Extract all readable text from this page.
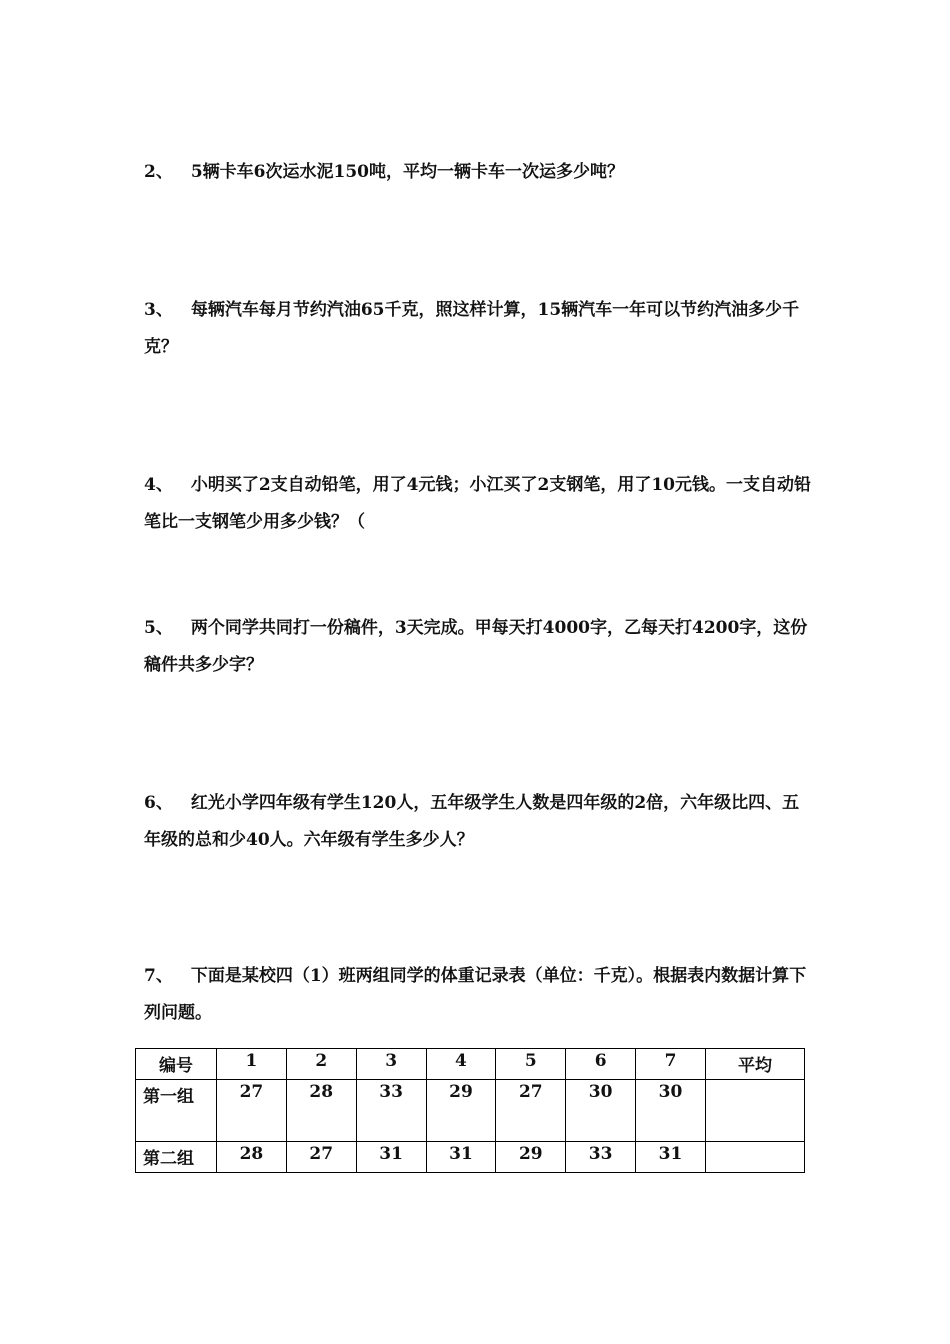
2、 5辆卡车6次运水泥150吨，平均一辆卡车一次运多少吨？
3、 每辆汽车每月节约汽油65千克，照这样计算，15辆汽车一年可以节约汽油多少千克？
4、 小明买了2支自动铅笔，用了4元钱；小江买了2支钢笔，用了10元钱。一支自动铅笔比一支钢笔少用多少钱？（
5、 两个同学共同打一份稿件，3天完成。甲每天打4000字，乙每天打4200字，这份稿件共多少字？
6、 红光小学四年级有学生120人，五年级学生人数是四年级的2倍，六年级比四、五年级的总和少40人。六年级有学生多少人？
7、 下面是某校四（1）班两组同学的体重记录表（单位：千克）。根据表内数据计算下列问题。
编号	1	2	3	4	5	6	7	平均
第一组	27	28	33	29	27	30	30	
第二组	28	27	31	31	29	33	31	
